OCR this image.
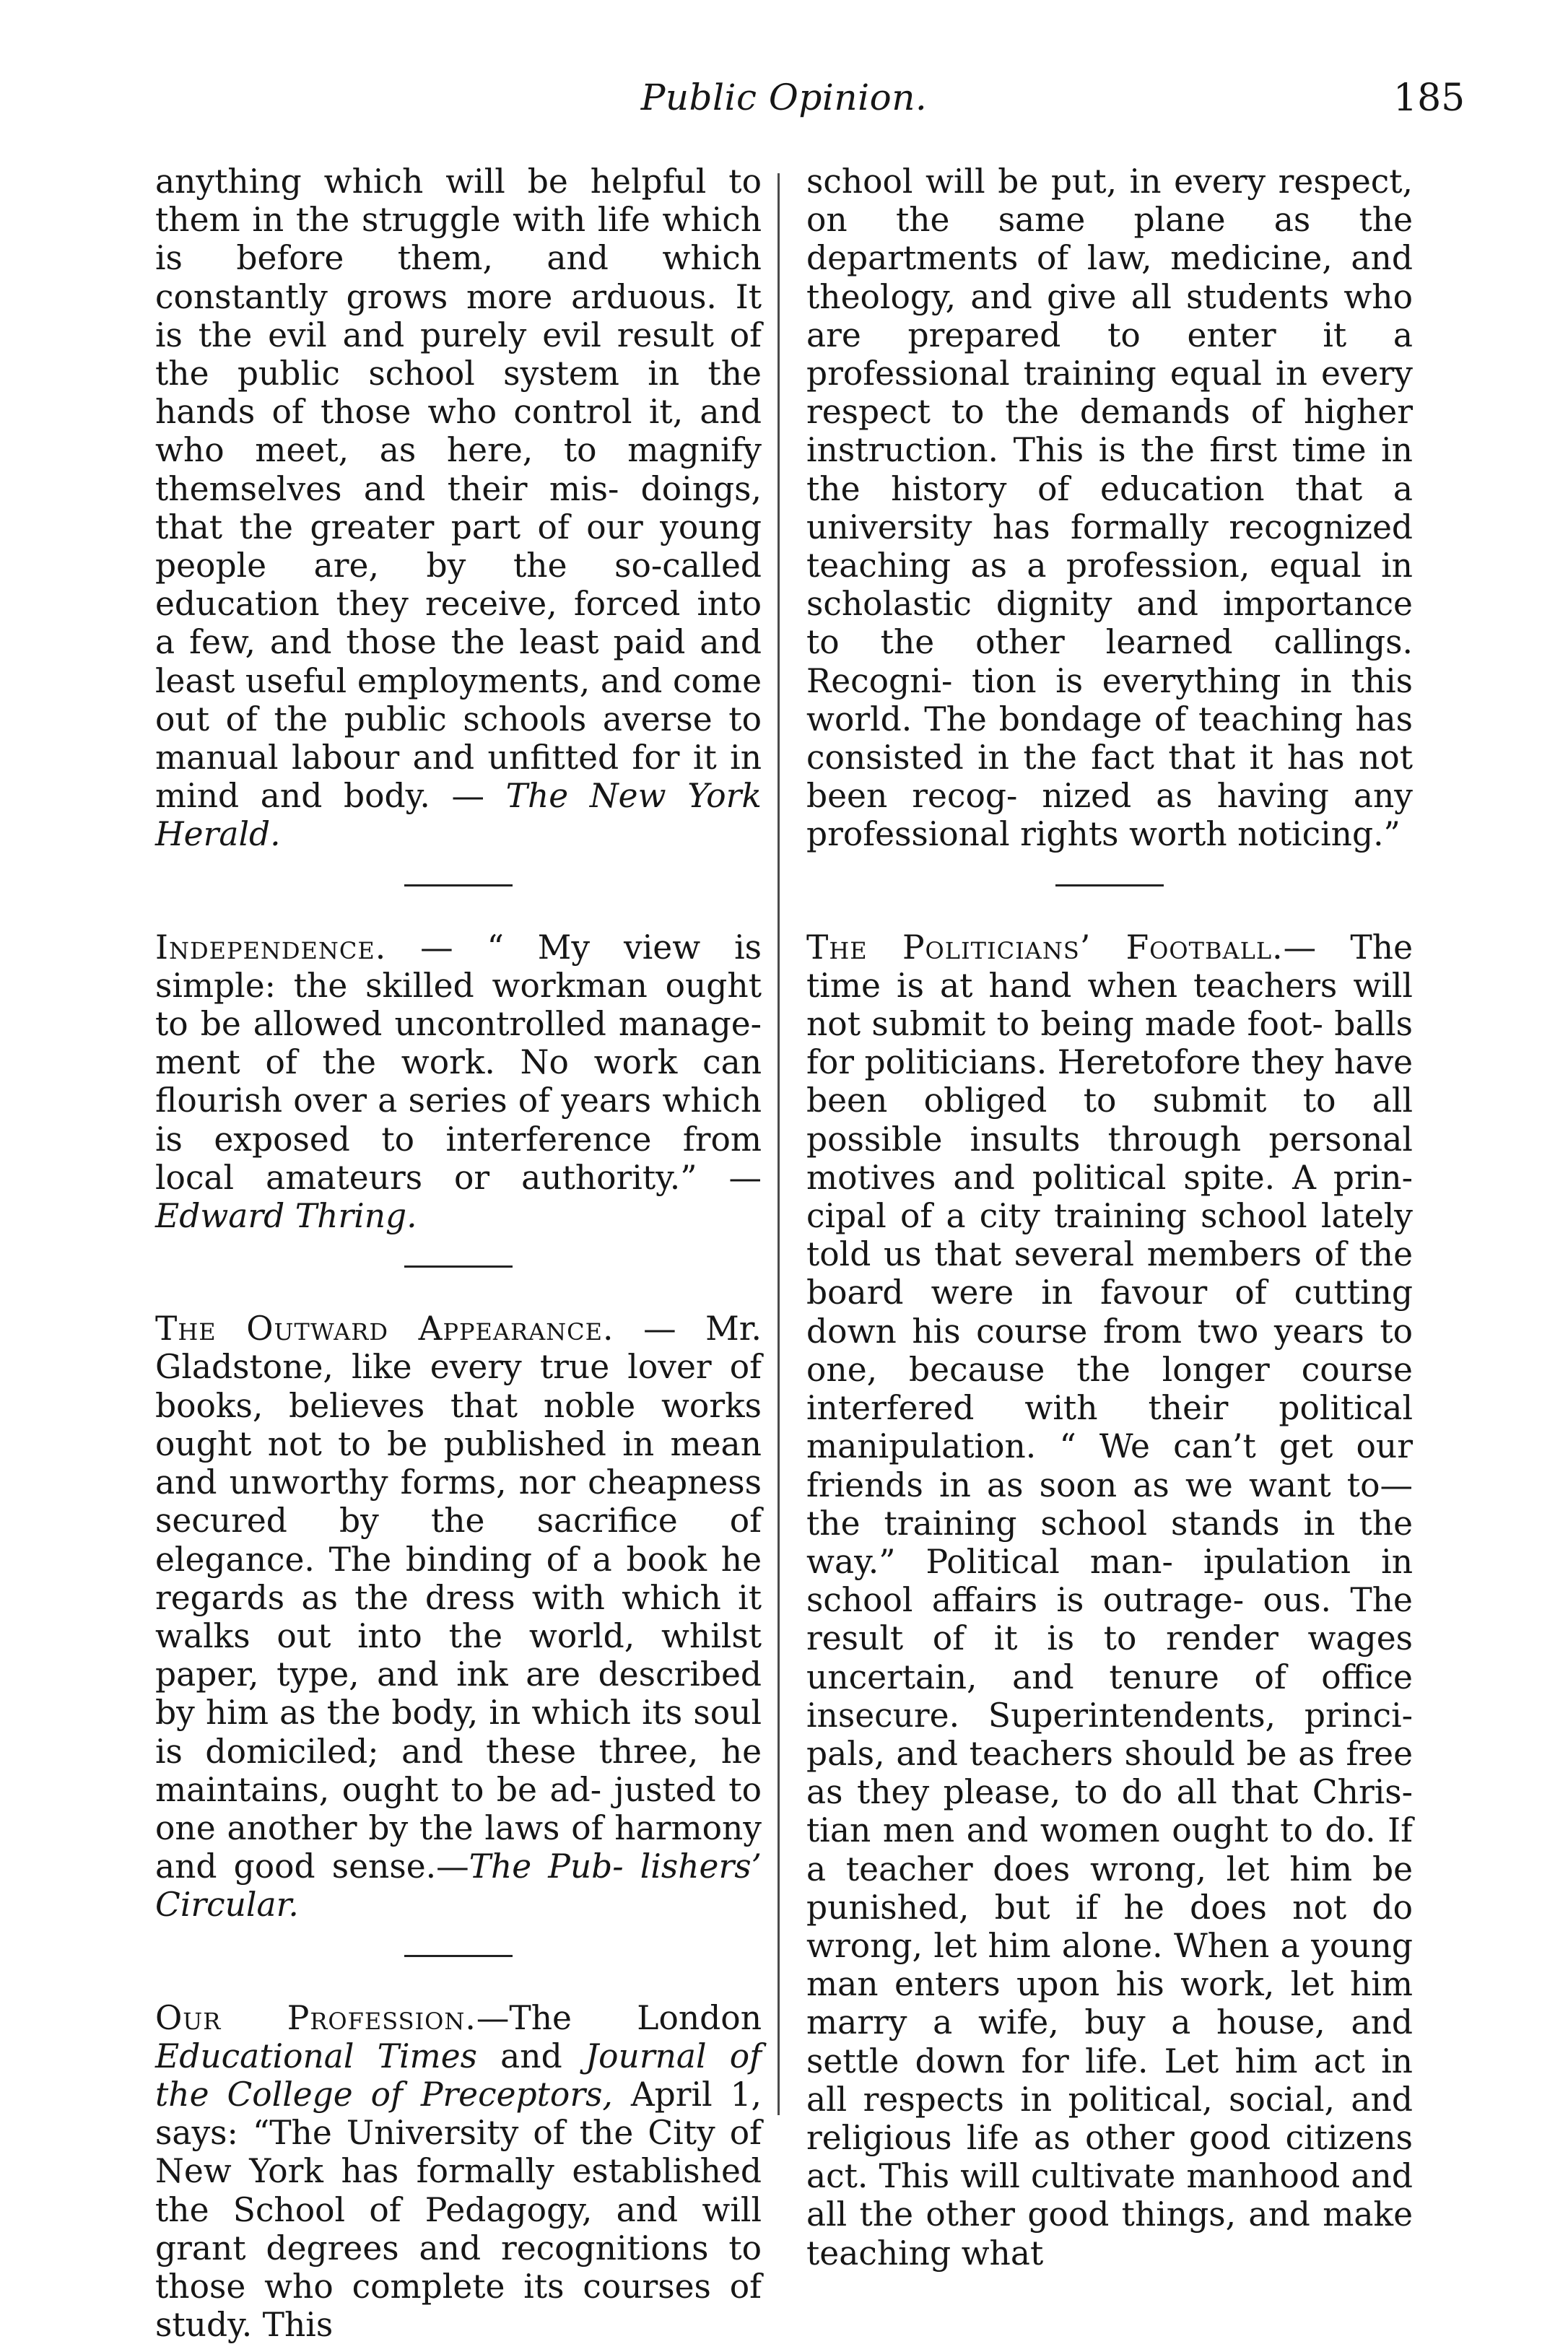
Public Opinion.	185

anything which will be helpful to them in the struggle with life which is before them, and which constantly grows more arduous. It is the evil and purely evil result of the public school system in the hands of those who control it, and who meet, as here, to magnify themselves and their mis- doings, that the greater part of our young people are, by the so-called education they receive, forced into a few, and those the least paid and least useful employments, and come out of the public schools averse to manual labour and unfitted for it in mind and body. — The New York Herald.

Independence. — “ My view is simple: the skilled workman ought to be allowed uncontrolled manage- ment of the work. No work can flourish over a series of years which is exposed to interference from local amateurs or authority.” — Edward Thring.

The Outward Appearance. — Mr. Gladstone, like every true lover of books, believes that noble works ought not to be published in mean and unworthy forms, nor cheapness secured by the sacrifice of elegance. The binding of a book he regards as the dress with which it walks out into the world, whilst paper, type, and ink are described by him as the body, in which its soul is domiciled; and these three, he maintains, ought to be ad- justed to one another by the laws of harmony and good sense.—The Pub- lishers’ Circular.

Our Profession.—The London Educational Times and Journal of the College of Preceptors, April 1, says: “The University of the City of New York has formally established the School of Pedagogy, and will grant degrees and recognitions to those who complete its courses of study. This

school will be put, in every respect, on the same plane as the departments of law, medicine, and theology, and give all students who are prepared to enter it a professional training equal in every respect to the demands of higher instruction. This is the first time in the history of education that a university has formally recognized teaching as a profession, equal in scholastic dignity and importance to the other learned callings. Recogni- tion is everything in this world. The bondage of teaching has consisted in the fact that it has not been recog- nized as having any professional rights worth noticing.”

The Politicians’ Football.— The time is at hand when teachers will not submit to being made foot- balls for politicians. Heretofore they have been obliged to submit to all possible insults through personal motives and political spite. A prin- cipal of a city training school lately told us that several members of the board were in favour of cutting down his course from two years to one, because the longer course interfered with their political manipulation. “ We can’t get our friends in as soon as we want to—the training school stands in the way.” Political man- ipulation in school affairs is outrage- ous. The result of it is to render wages uncertain, and tenure of office insecure. Superintendents, princi- pals, and teachers should be as free as they please, to do all that Chris- tian men and women ought to do. If a teacher does wrong, let him be punished, but if he does not do wrong, let him alone. When a young man enters upon his work, let him marry a wife, buy a house, and settle down for life. Let him act in all respects in political, social, and religious life as other good citizens act. This will cultivate manhood and all the other good things, and make teaching what
